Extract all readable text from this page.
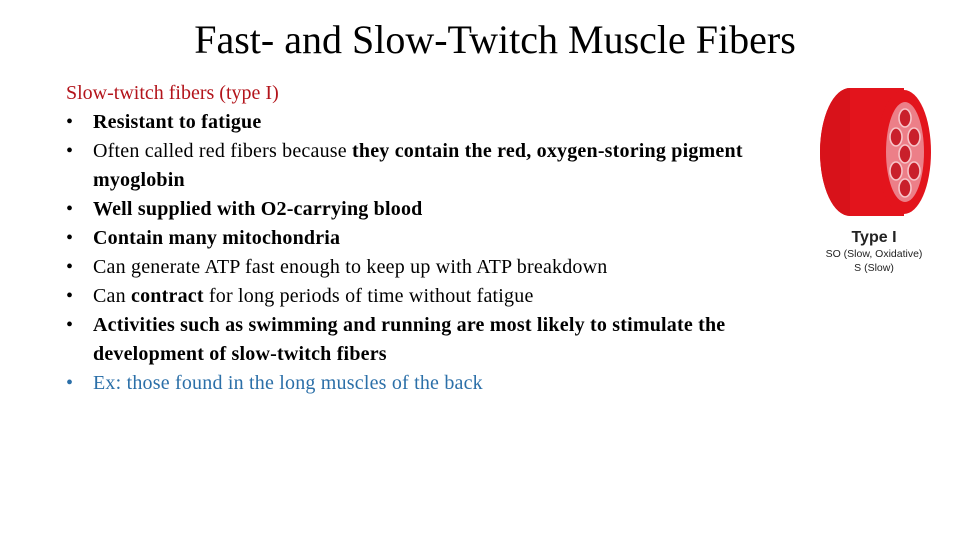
Fast- and Slow-Twitch Muscle Fibers
Slow-twitch fibers (type I)
• Resistant to fatigue
• Often called red fibers because they contain the red, oxygen-storing pigment myoglobin
• Well supplied with O2-carrying blood
• Contain many mitochondria
• Can generate ATP fast enough to keep up with ATP breakdown
• Can contract for long periods of time without fatigue
• Activities such as swimming and running are most likely to stimulate the development of slow-twitch fibers
• Ex: those found in the long muscles of the back
Type I
SO (Slow, Oxidative)
S (Slow)
